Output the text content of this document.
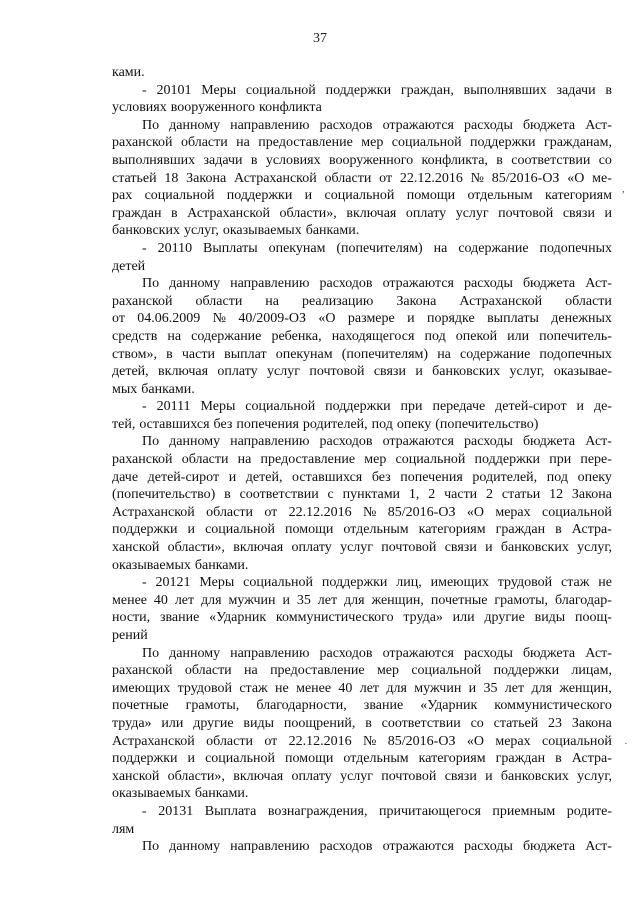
37
ками.
- 20101 Меры социальной поддержки граждан, выполнявших задачи в
условиях вооруженного конфликта
По данному направлению расходов отражаются расходы бюджета Аст-
раханской области на предоставление мер социальной поддержки гражданам,
выполнявших задачи в условиях вооруженного конфликта, в соответствии со
статьей 18 Закона Астраханской области от 22.12.2016 № 85/2016-ОЗ «О ме-
рах социальной поддержки и социальной помощи отдельным категориям
граждан в Астраханской области», включая оплату услуг почтовой связи и
банковских услуг, оказываемых банками.
- 20110 Выплаты опекунам (попечителям) на содержание подопечных
детей
По данному направлению расходов отражаются расходы бюджета Аст-
раханской области на реализацию Закона Астраханской области
от 04.06.2009 № 40/2009-ОЗ «О размере и порядке выплаты денежных
средств на содержание ребенка, находящегося под опекой или попечитель-
ством», в части выплат опекунам (попечителям) на содержание подопечных
детей, включая оплату услуг почтовой связи и банковских услуг, оказывае-
мых банками.
- 20111 Меры социальной поддержки при передаче детей-сирот и де-
тей, оставшихся без попечения родителей, под опеку (попечительство)
По данному направлению расходов отражаются расходы бюджета Аст-
раханской области на предоставление мер социальной поддержки при пере-
даче детей-сирот и детей, оставшихся без попечения родителей, под опеку
(попечительство) в соответствии с пунктами 1, 2 части 2 статьи 12 Закона
Астраханской области от 22.12.2016 № 85/2016-ОЗ «О мерах социальной
поддержки и социальной помощи отдельным категориям граждан в Астра-
ханской области», включая оплату услуг почтовой связи и банковских услуг,
оказываемых банками.
- 20121 Меры социальной поддержки лиц, имеющих трудовой стаж не
менее 40 лет для мужчин и 35 лет для женщин, почетные грамоты, благодар-
ности, звание «Ударник коммунистического труда» или другие виды поощ-
рений
По данному направлению расходов отражаются расходы бюджета Аст-
раханской области на предоставление мер социальной поддержки лицам,
имеющих трудовой стаж не менее 40 лет для мужчин и 35 лет для женщин,
почетные грамоты, благодарности, звание «Ударник коммунистического
труда» или другие виды поощрений, в соответствии со статьей 23 Закона
Астраханской области от 22.12.2016 № 85/2016-ОЗ «О мерах социальной
поддержки и социальной помощи отдельным категориям граждан в Астра-
ханской области», включая оплату услуг почтовой связи и банковских услуг,
оказываемых банками.
- 20131 Выплата вознаграждения, причитающегося приемным родите-
лям
По данному направлению расходов отражаются расходы бюджета Аст-
,
·
